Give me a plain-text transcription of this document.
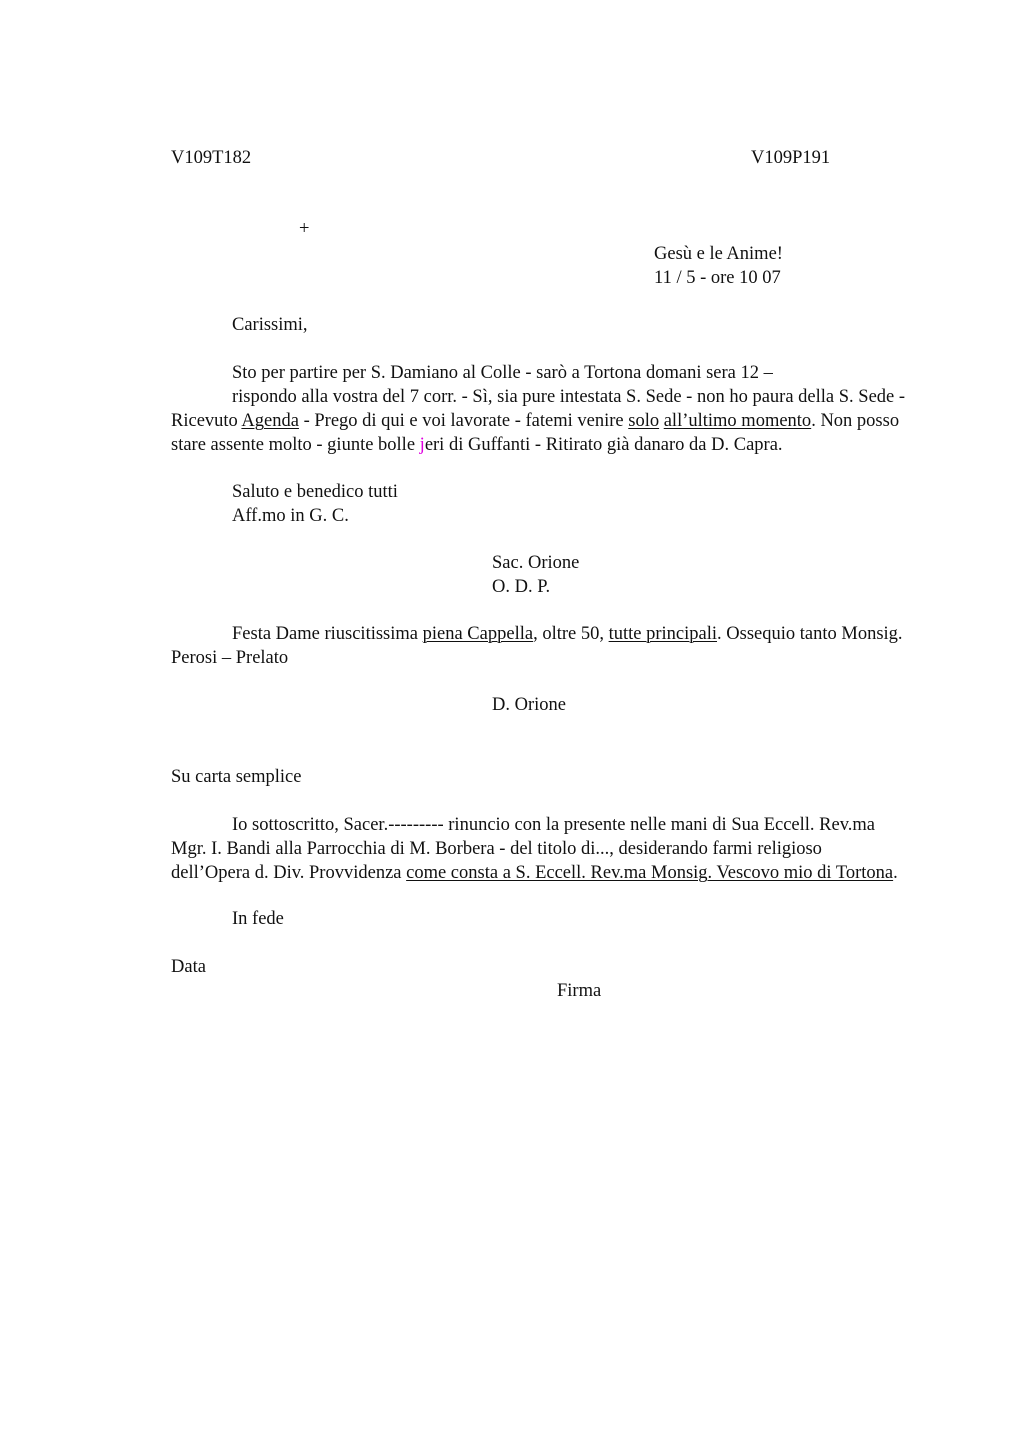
V109T182	V109P191
+
Gesù e le Anime!
11 / 5 - ore 10 07
Carissimi,
Sto per partire per S. Damiano al Colle - sarò a Tortona domani sera 12 –
rispondo alla vostra del 7 corr. - Sì, sia pure intestata S. Sede - non ho paura della S. Sede - Ricevuto Agenda - Prego di qui e voi lavorate - fatemi venire solo all’ultimo momento. Non posso stare assente molto - giunte bolle jeri di Guffanti - Ritirato già danaro da D. Capra.
Saluto e benedico tutti
Aff.mo in G. C.
Sac. Orione
O. D. P.
Festa Dame riuscitissima piena Cappella, oltre 50, tutte principali. Ossequio tanto Monsig. Perosi – Prelato
D. Orione
Su carta semplice
Io sottoscritto, Sacer.--------- rinuncio con la presente nelle mani di Sua Eccell. Rev.ma Mgr. I. Bandi alla Parrocchia di M. Borbera - del titolo di..., desiderando farmi religioso dell’Opera d. Div. Provvidenza come consta a S. Eccell. Rev.ma Monsig. Vescovo mio di Tortona.
In fede
Data
Firma
